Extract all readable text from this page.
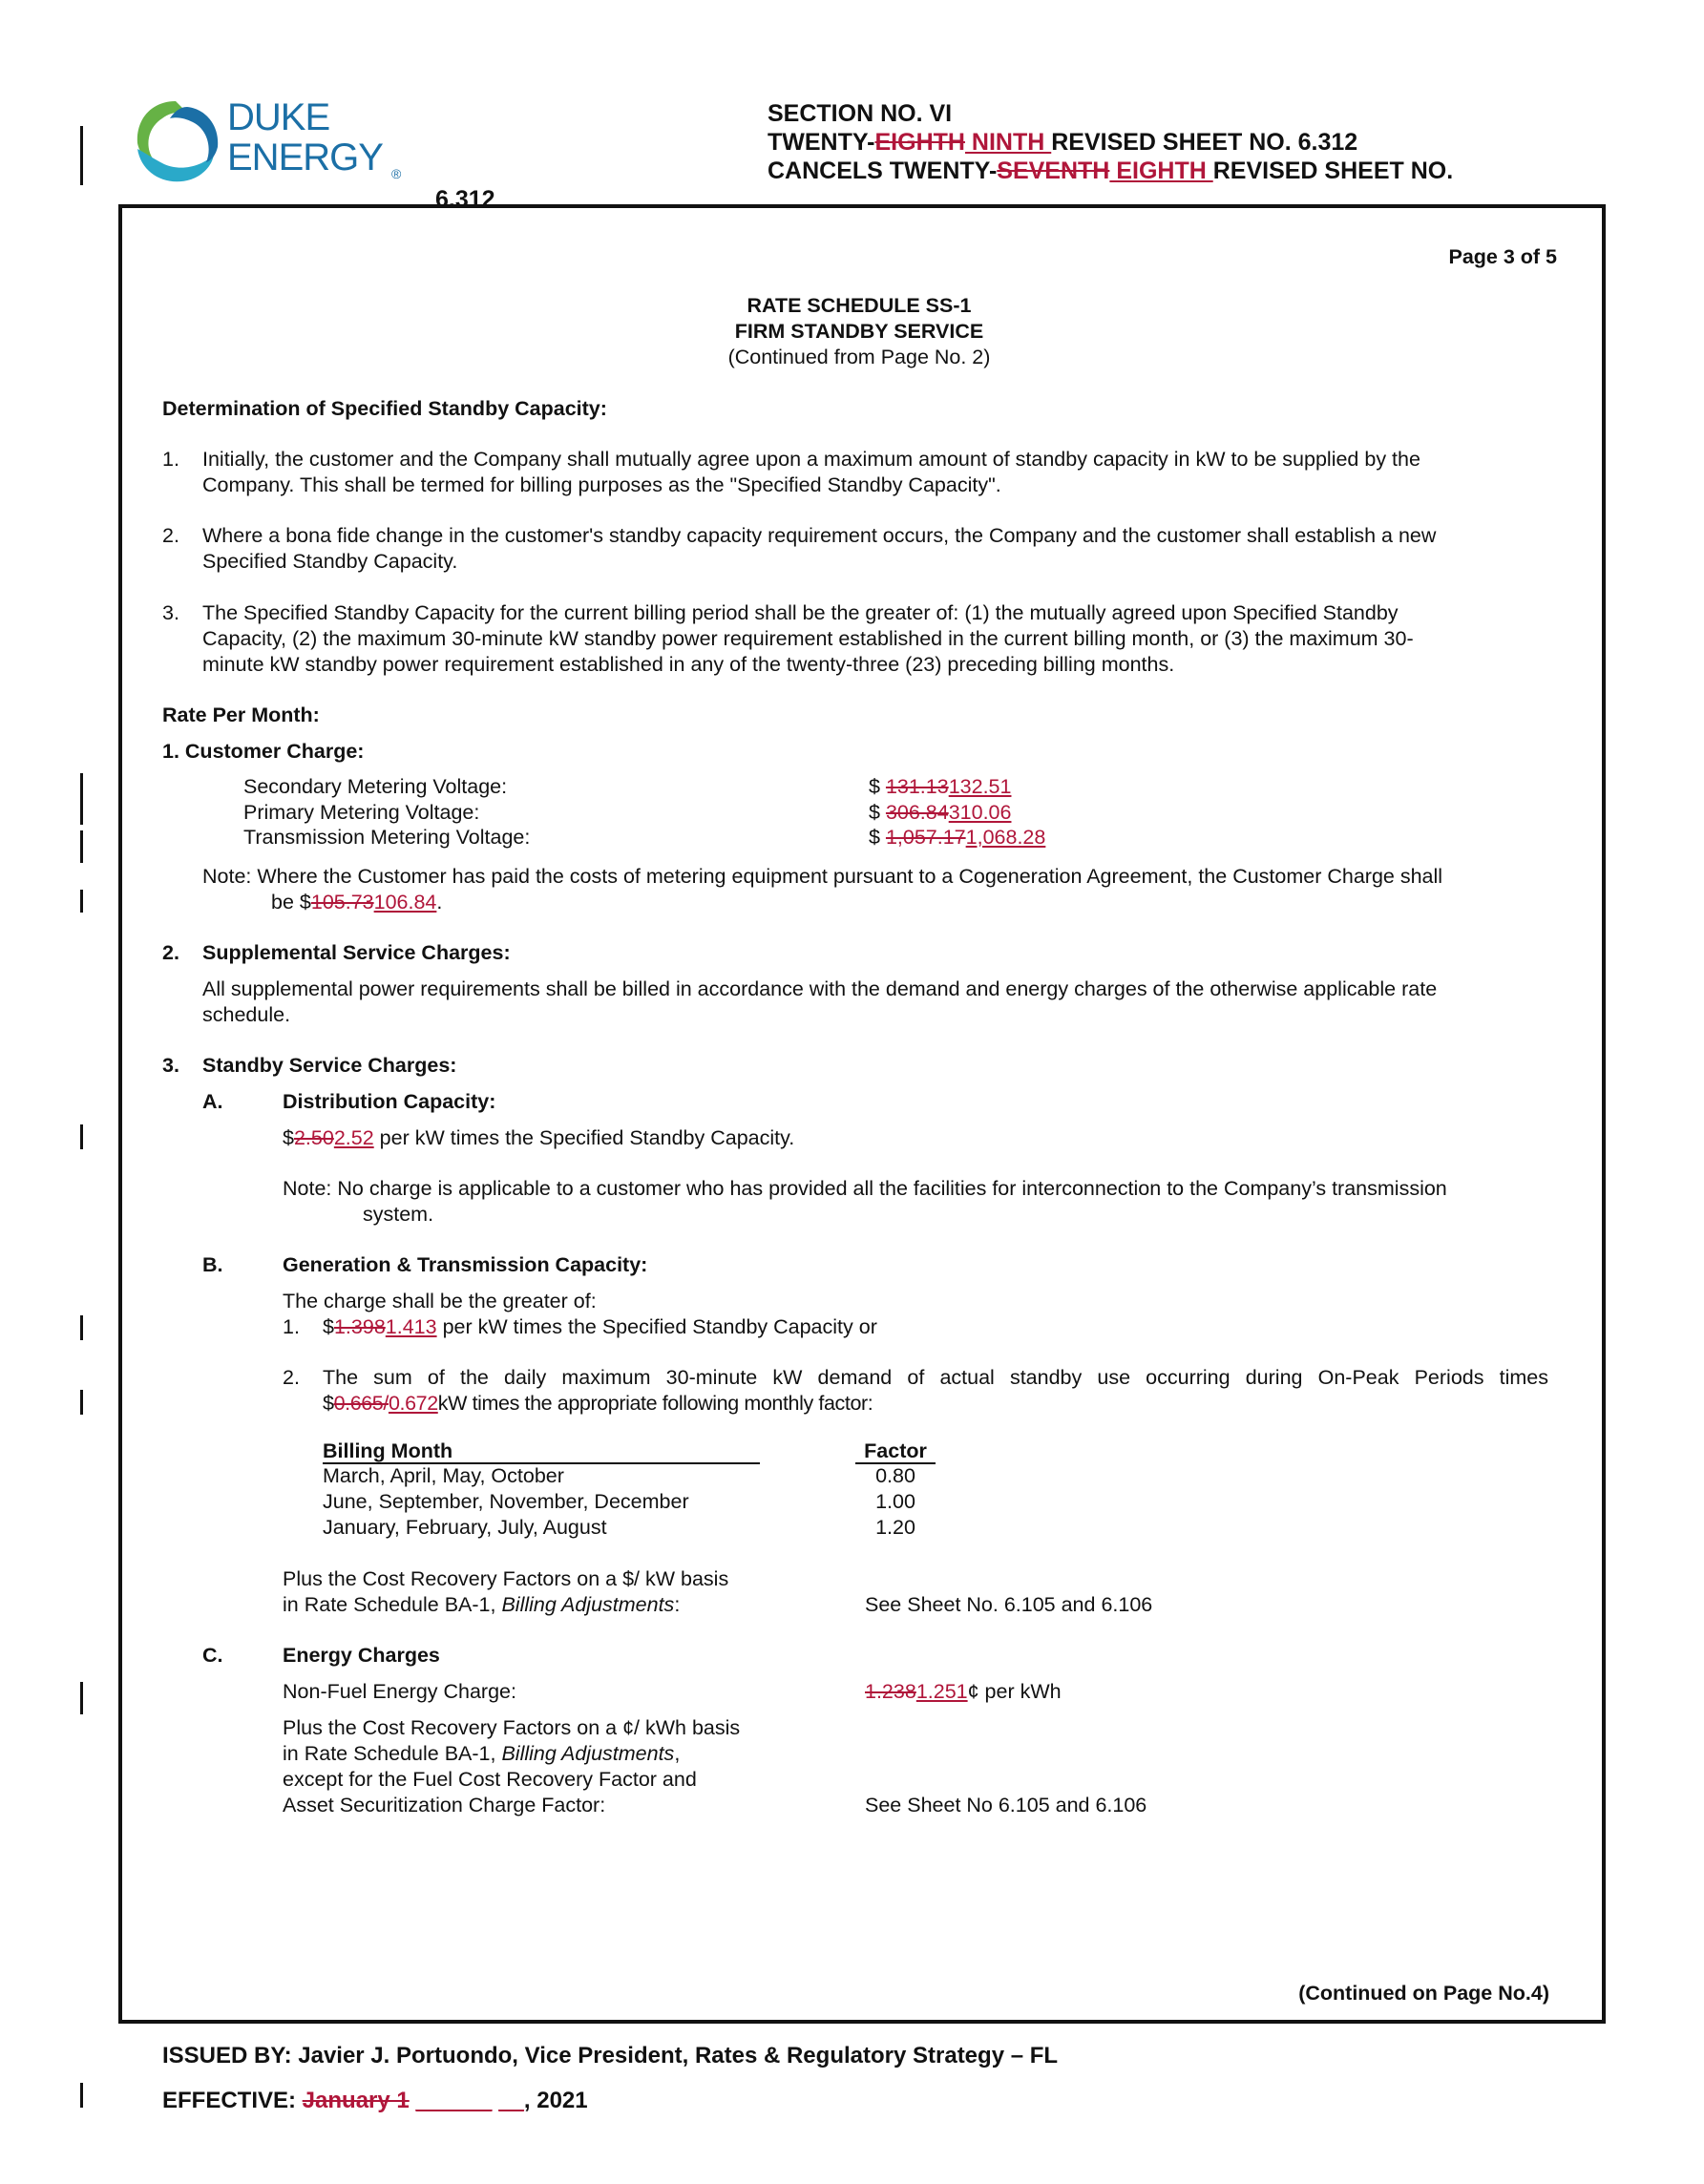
DUKE
ENERGY ®
SECTION NO. VI
TWENTY-EIGHTH NINTH REVISED SHEET NO. 6.312
CANCELS TWENTY-SEVENTH EIGHTH REVISED SHEET NO.
6.312
Page 3 of 5
RATE SCHEDULE SS-1
FIRM STANDBY SERVICE
(Continued from Page No. 2)
Determination of Specified Standby Capacity:
1. Initially, the customer and the Company shall mutually agree upon a maximum amount of standby capacity in kW to be supplied by the
Company. This shall be termed for billing purposes as the "Specified Standby Capacity".
2. Where a bona fide change in the customer's standby capacity requirement occurs, the Company and the customer shall establish a new
Specified Standby Capacity.
3. The Specified Standby Capacity for the current billing period shall be the greater of: (1) the mutually agreed upon Specified Standby
Capacity, (2) the maximum 30-minute kW standby power requirement established in the current billing month, or (3) the maximum 30-
minute kW standby power requirement established in any of the twenty-three (23) preceding billing months.
Rate Per Month:
1. Customer Charge:
Secondary Metering Voltage:	$ 131.13132.51
Primary Metering Voltage:	$ 306.84310.06
Transmission Metering Voltage:	$ 1,057.171,068.28
Note: Where the Customer has paid the costs of metering equipment pursuant to a Cogeneration Agreement, the Customer Charge shall
be $105.73106.84.
2. Supplemental Service Charges:
All supplemental power requirements shall be billed in accordance with the demand and energy charges of the otherwise applicable rate
schedule.
3. Standby Service Charges:
A.	Distribution Capacity:
$2.502.52 per kW times the Specified Standby Capacity.
Note: No charge is applicable to a customer who has provided all the facilities for interconnection to the Company’s transmission
system.
B.	Generation & Transmission Capacity:
The charge shall be the greater of:
1. $1.3981.413 per kW times the Specified Standby Capacity or
2. The sum of the daily maximum 30-minute kW demand of actual standby use occurring during On-Peak Periods times
$0.665/0.672kW times the appropriate following monthly factor:
Billing Month	Factor
March, April, May, October	0.80
June, September, November, December	1.00
January, February, July, August	1.20
Plus the Cost Recovery Factors on a $/ kW basis
in Rate Schedule BA-1, Billing Adjustments:	See Sheet No. 6.105 and 6.106
C.	Energy Charges
Non-Fuel Energy Charge:	1.2381.251¢ per kWh
Plus the Cost Recovery Factors on a ¢/ kWh basis
in Rate Schedule BA-1, Billing Adjustments,
except for the Fuel Cost Recovery Factor and
Asset Securitization Charge Factor:	See Sheet No 6.105 and 6.106
(Continued on Page No.4)
ISSUED BY: Javier J. Portuondo, Vice President, Rates & Regulatory Strategy – FL
EFFECTIVE: January 1 ______ __, 2021
